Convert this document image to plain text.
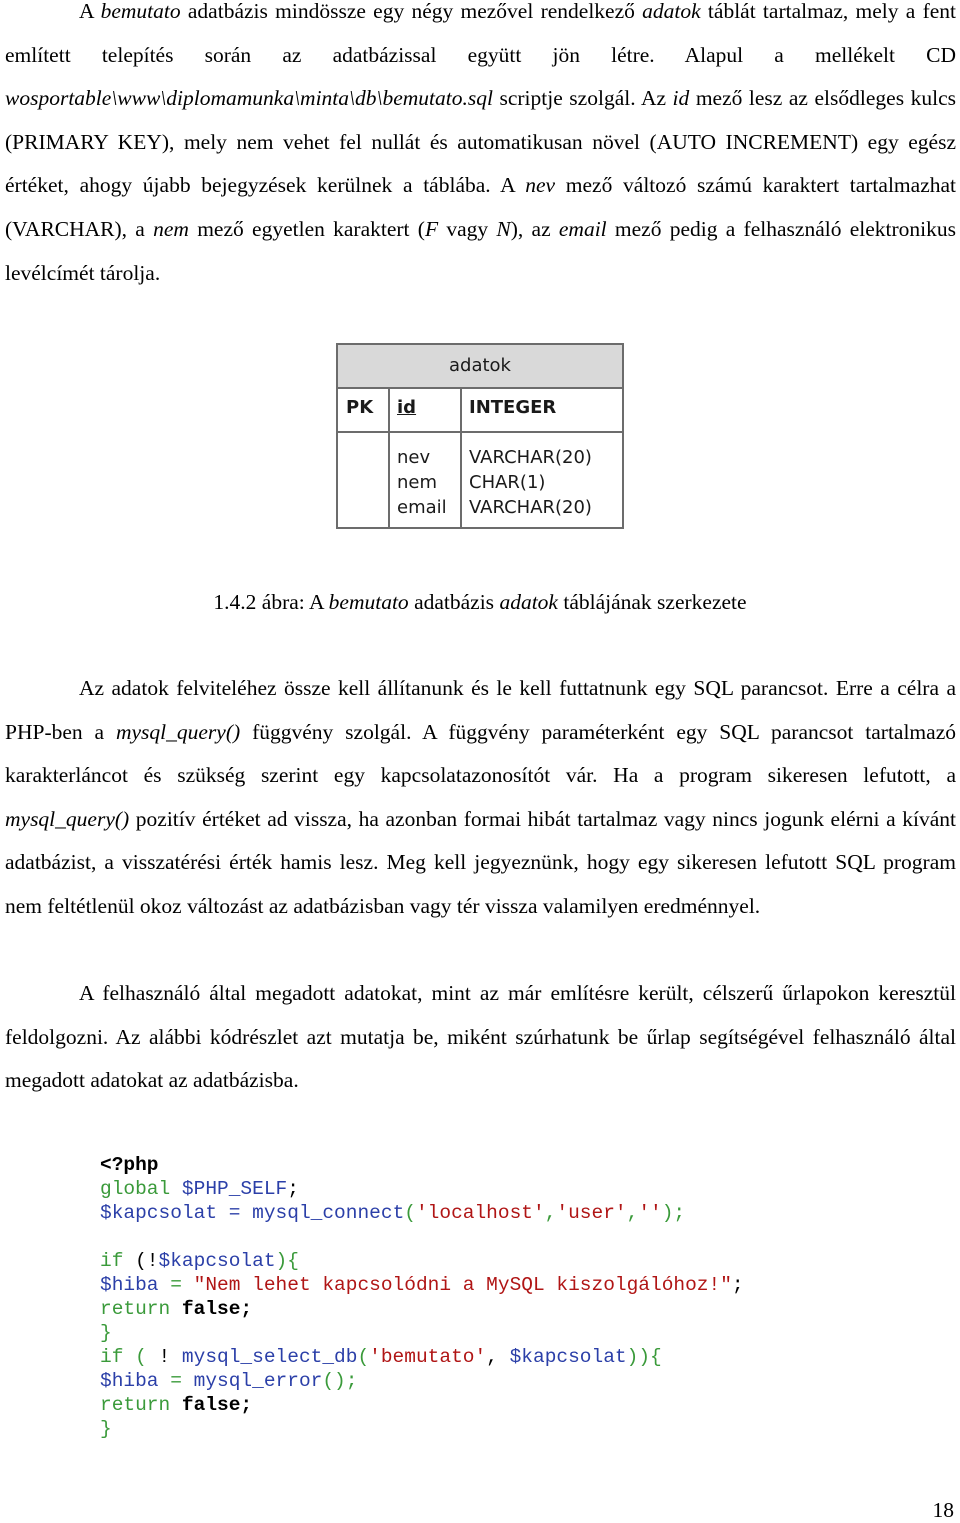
A bemutato adatbázis mindössze egy négy mezővel rendelkező adatok táblát tartalmaz, mely a fent említett telepítés során az adatbázissal együtt jön létre. Alapul a mellékelt CD wosportable\www\diplomamunka\minta\db\bemutato.sql scriptje szolgál. Az id mező lesz az elsődleges kulcs (PRIMARY KEY), mely nem vehet fel nullát és automatikusan növel (AUTO INCREMENT) egy egész értéket, ahogy újabb bejegyzések kerülnek a táblába. A nev mező változó számú karaktert tartalmazhat (VARCHAR), a nem mező egyetlen karaktert (F vagy N), az email mező pedig a felhasználó elektronikus levélcímét tárolja.

adatok
PK id	INTEGER
nev
nem
email
VARCHAR(20)
CHAR(1)
VARCHAR(20)
1.4.2 ábra: A bemutato adatbázis adatok táblájának szerkezete

Az adatok felviteléhez össze kell állítanunk és le kell futtatnunk egy SQL parancsot. Erre a célra a PHP-ben a mysql_query() függvény szolgál. A függvény paraméterként egy SQL parancsot tartalmazó karakterláncot és szükség szerint egy kapcsolatazonosítót vár. Ha a program sikeresen lefutott, a mysql_query() pozitív értéket ad vissza, ha azonban formai hibát tartalmaz vagy nincs jogunk elérni a kívánt adatbázist, a visszatérési érték hamis lesz. Meg kell jegyeznünk, hogy egy sikeresen lefutott SQL program nem feltétlenül okoz változást az adatbázisban vagy tér vissza valamilyen eredménnyel.

A felhasználó által megadott adatokat, mint az már említésre került, célszerű űrlapokon keresztül feldolgozni. Az alábbi kódrészlet azt mutatja be, miként szúrhatunk be űrlap segítségével felhasználó által megadott adatokat az adatbázisba.

<?php
global $PHP_SELF;
$kapcsolat = mysql_connect('localhost','user','');

if (!$kapcsolat){
$hiba = "Nem lehet kapcsolódni a MySQL kiszolgálóhoz!";
return false;
}
if ( ! mysql_select_db('bemutato', $kapcsolat)){
$hiba = mysql_error();
return false;
}
18
